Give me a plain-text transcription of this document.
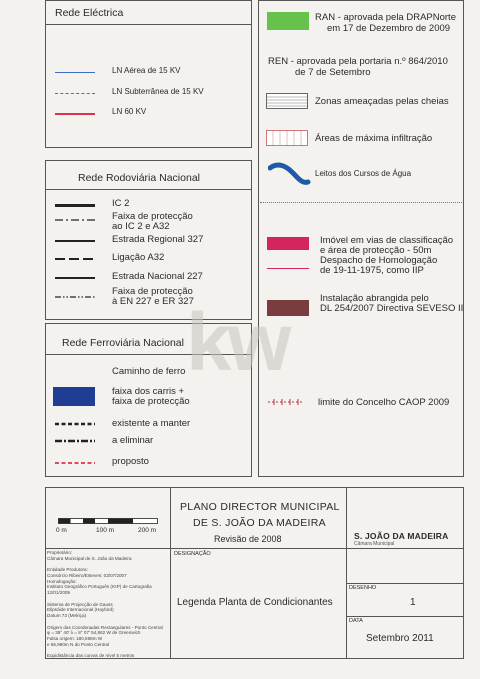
Rede Eléctrica
LN Aérea de 15 KV
LN Subterrânea de 15 KV
LN 60 KV
Rede Rodoviária Nacional
IC 2
Faixa de protecção
ao IC 2 e A32
Estrada Regional 327
Ligação A32
Estrada Nacional 227
Faixa de protecção
à EN 227 e ER 327
Rede Ferroviária Nacional
Caminho de ferro
faixa dos carris +
faixa de protecção
existente a manter
a eliminar
proposto
RAN - aprovada pela DRAPNorte
em 17 de Dezembro de 2009
REN - aprovada pela portaria n.º 864/2010
de 7 de Setembro
Zonas ameaçadas pelas cheias
Áreas de máxima infiltração
Leitos dos Cursos de Água
Imóvel em vias de classificação
e área de protecção - 50m
Despacho de Homologação
de 19-11-1975, como IIP
Instalação abrangida pelo
DL 254/2007 Directiva SEVESO II
limite do Concelho CAOP 2009
kw
0 m	100 m	200 m
PLANO DIRECTOR MUNICIPAL
DE S. JOÃO DA MADEIRA
Revisão de 2008	S. JOÃO DA MADEIRA
Câmara Municipal
Proprietário:
Câmara Municipal de S. João da Madeira

Entidade Produtora:
Consórcio Ribeiro/Esteves: 03/07/2007
Homologação:
Instituto Geográfico Português (IGP) de Cartografia
12/01/2009

Sistema de Projecção de Gauss
Elipsóide Internacional (Hayford)
Datum 73 (Melriça)

Origem das Coordenadas Rectangulares - Ponto Central
φ = 39° 40' λ = 8° 07' 54,862 W de Greenwich
Falsa origem: 180,598m W
e 86,990m N do Ponto Central

Equidistância das curvas de nível 5 metros
DESIGNAÇÃO
Legenda Planta de Condicionantes
DESENHO
1
DATA
Setembro 2011
